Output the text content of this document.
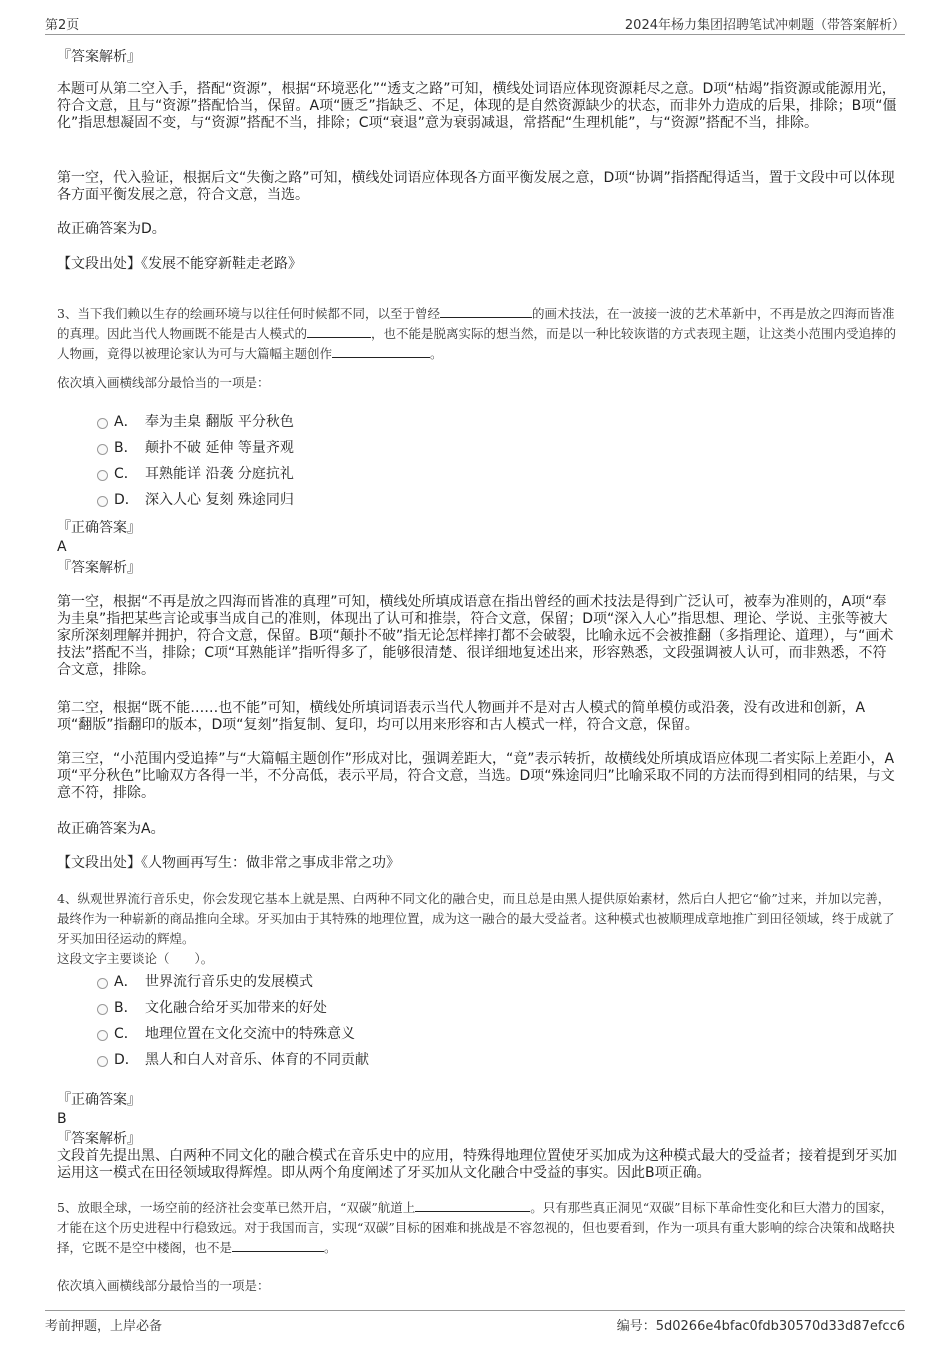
第2页	2024年杨力集团招聘笔试冲刺题（带答案解析）
『答案解析』

本题可从第二空入手，搭配“资源”，根据“环境恶化”“透支之路”可知，横线处词语应体现资源耗尽之意。D项“枯竭”指资源或能源用光，符合文意，且与“资源”搭配恰当，保留。A项“匮乏”指缺乏、不足，体现的是自然资源缺少的状态，而非外力造成的后果，排除；B项“僵化”指思想凝固不变，与“资源”搭配不当，排除；C项“衰退”意为衰弱减退，常搭配“生理机能”，与“资源”搭配不当，排除。

第一空，代入验证，根据后文“失衡之路”可知，横线处词语应体现各方面平衡发展之意，D项“协调”指搭配得适当，置于文段中可以体现各方面平衡发展之意，符合文意，当选。

故正确答案为D。

【文段出处】《发展不能穿新鞋走老路》

3、当下我们赖以生存的绘画环境与以往任何时候都不同，以至于曾经	的画术技法，在一波接一波的艺术革新中，不再是放之四海而皆准的真理。因此当代人物画既不能是古人模式的	，也不能是脱离实际的想当然，而是以一种比较诙谐的方式表现主题，让这类小范围内受追捧的人物画，竟得以被理论家认为可与大篇幅主题创作	。

依次填入画横线部分最恰当的一项是：

A． 奉为圭臬 翻版 平分秋色
B． 颠扑不破 延伸 等量齐观
C． 耳熟能详 沿袭 分庭抗礼
D． 深入人心 复刻 殊途同归
『正确答案』
A
『答案解析』

第一空，根据“不再是放之四海而皆准的真理”可知，横线处所填成语意在指出曾经的画术技法是得到广泛认可，被奉为准则的，A项“奉为圭臬”指把某些言论或事当成自己的准则，体现出了认可和推崇，符合文意，保留；D项“深入人心”指思想、理论、学说、主张等被大家所深刻理解并拥护，符合文意，保留。B项“颠扑不破”指无论怎样摔打都不会破裂，比喻永远不会被推翻（多指理论、道理），与“画术技法”搭配不当，排除；C项“耳熟能详”指听得多了，能够很清楚、很详细地复述出来，形容熟悉，文段强调被人认可，而非熟悉，不符合文意，排除。

第二空，根据“既不能……也不能”可知，横线处所填词语表示当代人物画并不是对古人模式的简单模仿或沿袭，没有改进和创新，A项“翻版”指翻印的版本，D项“复刻”指复制、复印，均可以用来形容和古人模式一样，符合文意，保留。

第三空，“小范围内受追捧”与“大篇幅主题创作”形成对比，强调差距大，“竟”表示转折，故横线处所填成语应体现二者实际上差距小，A项“平分秋色”比喻双方各得一半，不分高低，表示平局，符合文意，当选。D项“殊途同归”比喻采取不同的方法而得到相同的结果，与文意不符，排除。

故正确答案为A。

【文段出处】《人物画再写生：做非常之事成非常之功》

4、纵观世界流行音乐史，你会发现它基本上就是黑、白两种不同文化的融合史，而且总是由黑人提供原始素材，然后白人把它“偷”过来，并加以完善，最终作为一种崭新的商品推向全球。牙买加由于其特殊的地理位置，成为这一融合的最大受益者。这种模式也被顺理成章地推广到田径领域，终于成就了牙买加田径运动的辉煌。

这段文字主要谈论（　　）。

A． 世界流行音乐史的发展模式
B． 文化融合给牙买加带来的好处
C． 地理位置在文化交流中的特殊意义
D． 黑人和白人对音乐、体育的不同贡献
『正确答案』
B
『答案解析』

文段首先提出黑、白两种不同文化的融合模式在音乐史中的应用，特殊得地理位置使牙买加成为这种模式最大的受益者；接着提到牙买加运用这一模式在田径领域取得辉煌。即从两个角度阐述了牙买加从文化融合中受益的事实。因此B项正确。

5、放眼全球，一场空前的经济社会变革已然开启，“双碳”航道上	。只有那些真正洞见“双碳”目标下革命性变化和巨大潜力的国家，才能在这个历史进程中行稳致远。对于我国而言，实现“双碳”目标的困难和挑战是不容忽视的，但也要看到，作为一项具有重大影响的综合决策和战略抉择，它既不是空中楼阁，也不是	。

依次填入画横线部分最恰当的一项是：

考前押题，上岸必备	编号：5d0266e4bfac0fdb30570d33d87efcc6
